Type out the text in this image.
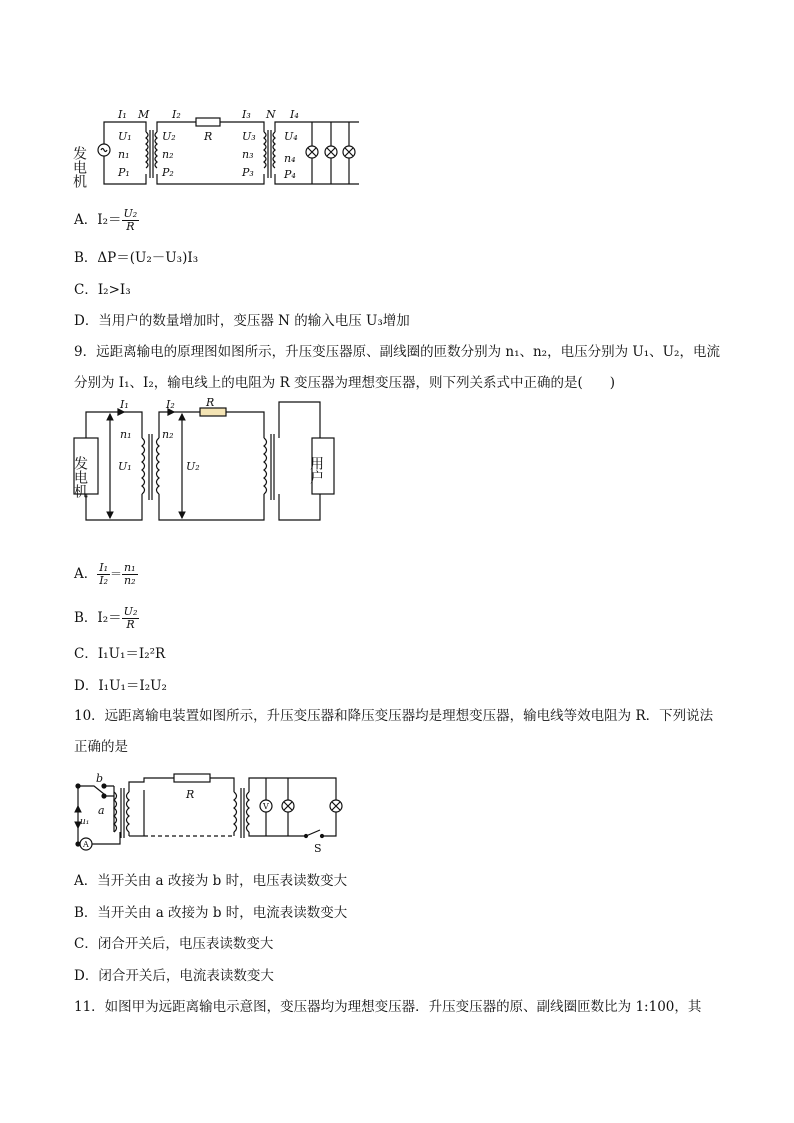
发电机
I₁ M I₂
R
I₃ N I₄
U₁
n₁
P₁
U₂
n₂
P₂
U₃
n₃
P₃
U₄
n₄
P₄
A．$I_2= \frac{\text{U₂}}{R}$
B．ΔP＝(U₂－U₃)I₃
C．I₂>I₃
D．当用户的数量增加时，变压器 N 的输入电压 U₃增加
9．远距离输电的原理图如图所示，升压变压器原、副线圈的匝数分别为 n₁、n₂，电压分别为 U₁、U₂，电流分别为 I₁、I₂，输电线上的电阻为 R 变压器为理想变压器，则下列关系式中正确的是(　　)
发电机	用户
I₁	I₂	R
n₁	n₂
U₁	U₂
A． $\frac{\text{I₁}}{\text{I₂}} = \frac{\text{n₁}}{\text{n₂}}$
B．$I_2= \frac{\text{U₂}}{R}$
C．I₁U₁＝I₂²R
D．I₁U₁＝I₂U₂
10．远距离输电装置如图所示，升压变压器和降压变压器均是理想变压器，输电线等效电阻为 R．下列说法正确的是
b
a
u₁
A
V
R
S
A．当开关由 a 改接为 b 时，电压表读数变大
B．当开关由 a 改接为 b 时，电流表读数变大
C．闭合开关后，电压表读数变大
D．闭合开关后，电流表读数变大
11．如图甲为远距离输电示意图，变压器均为理想变压器．升压变压器的原、副线圈匝数比为 1:100，其
